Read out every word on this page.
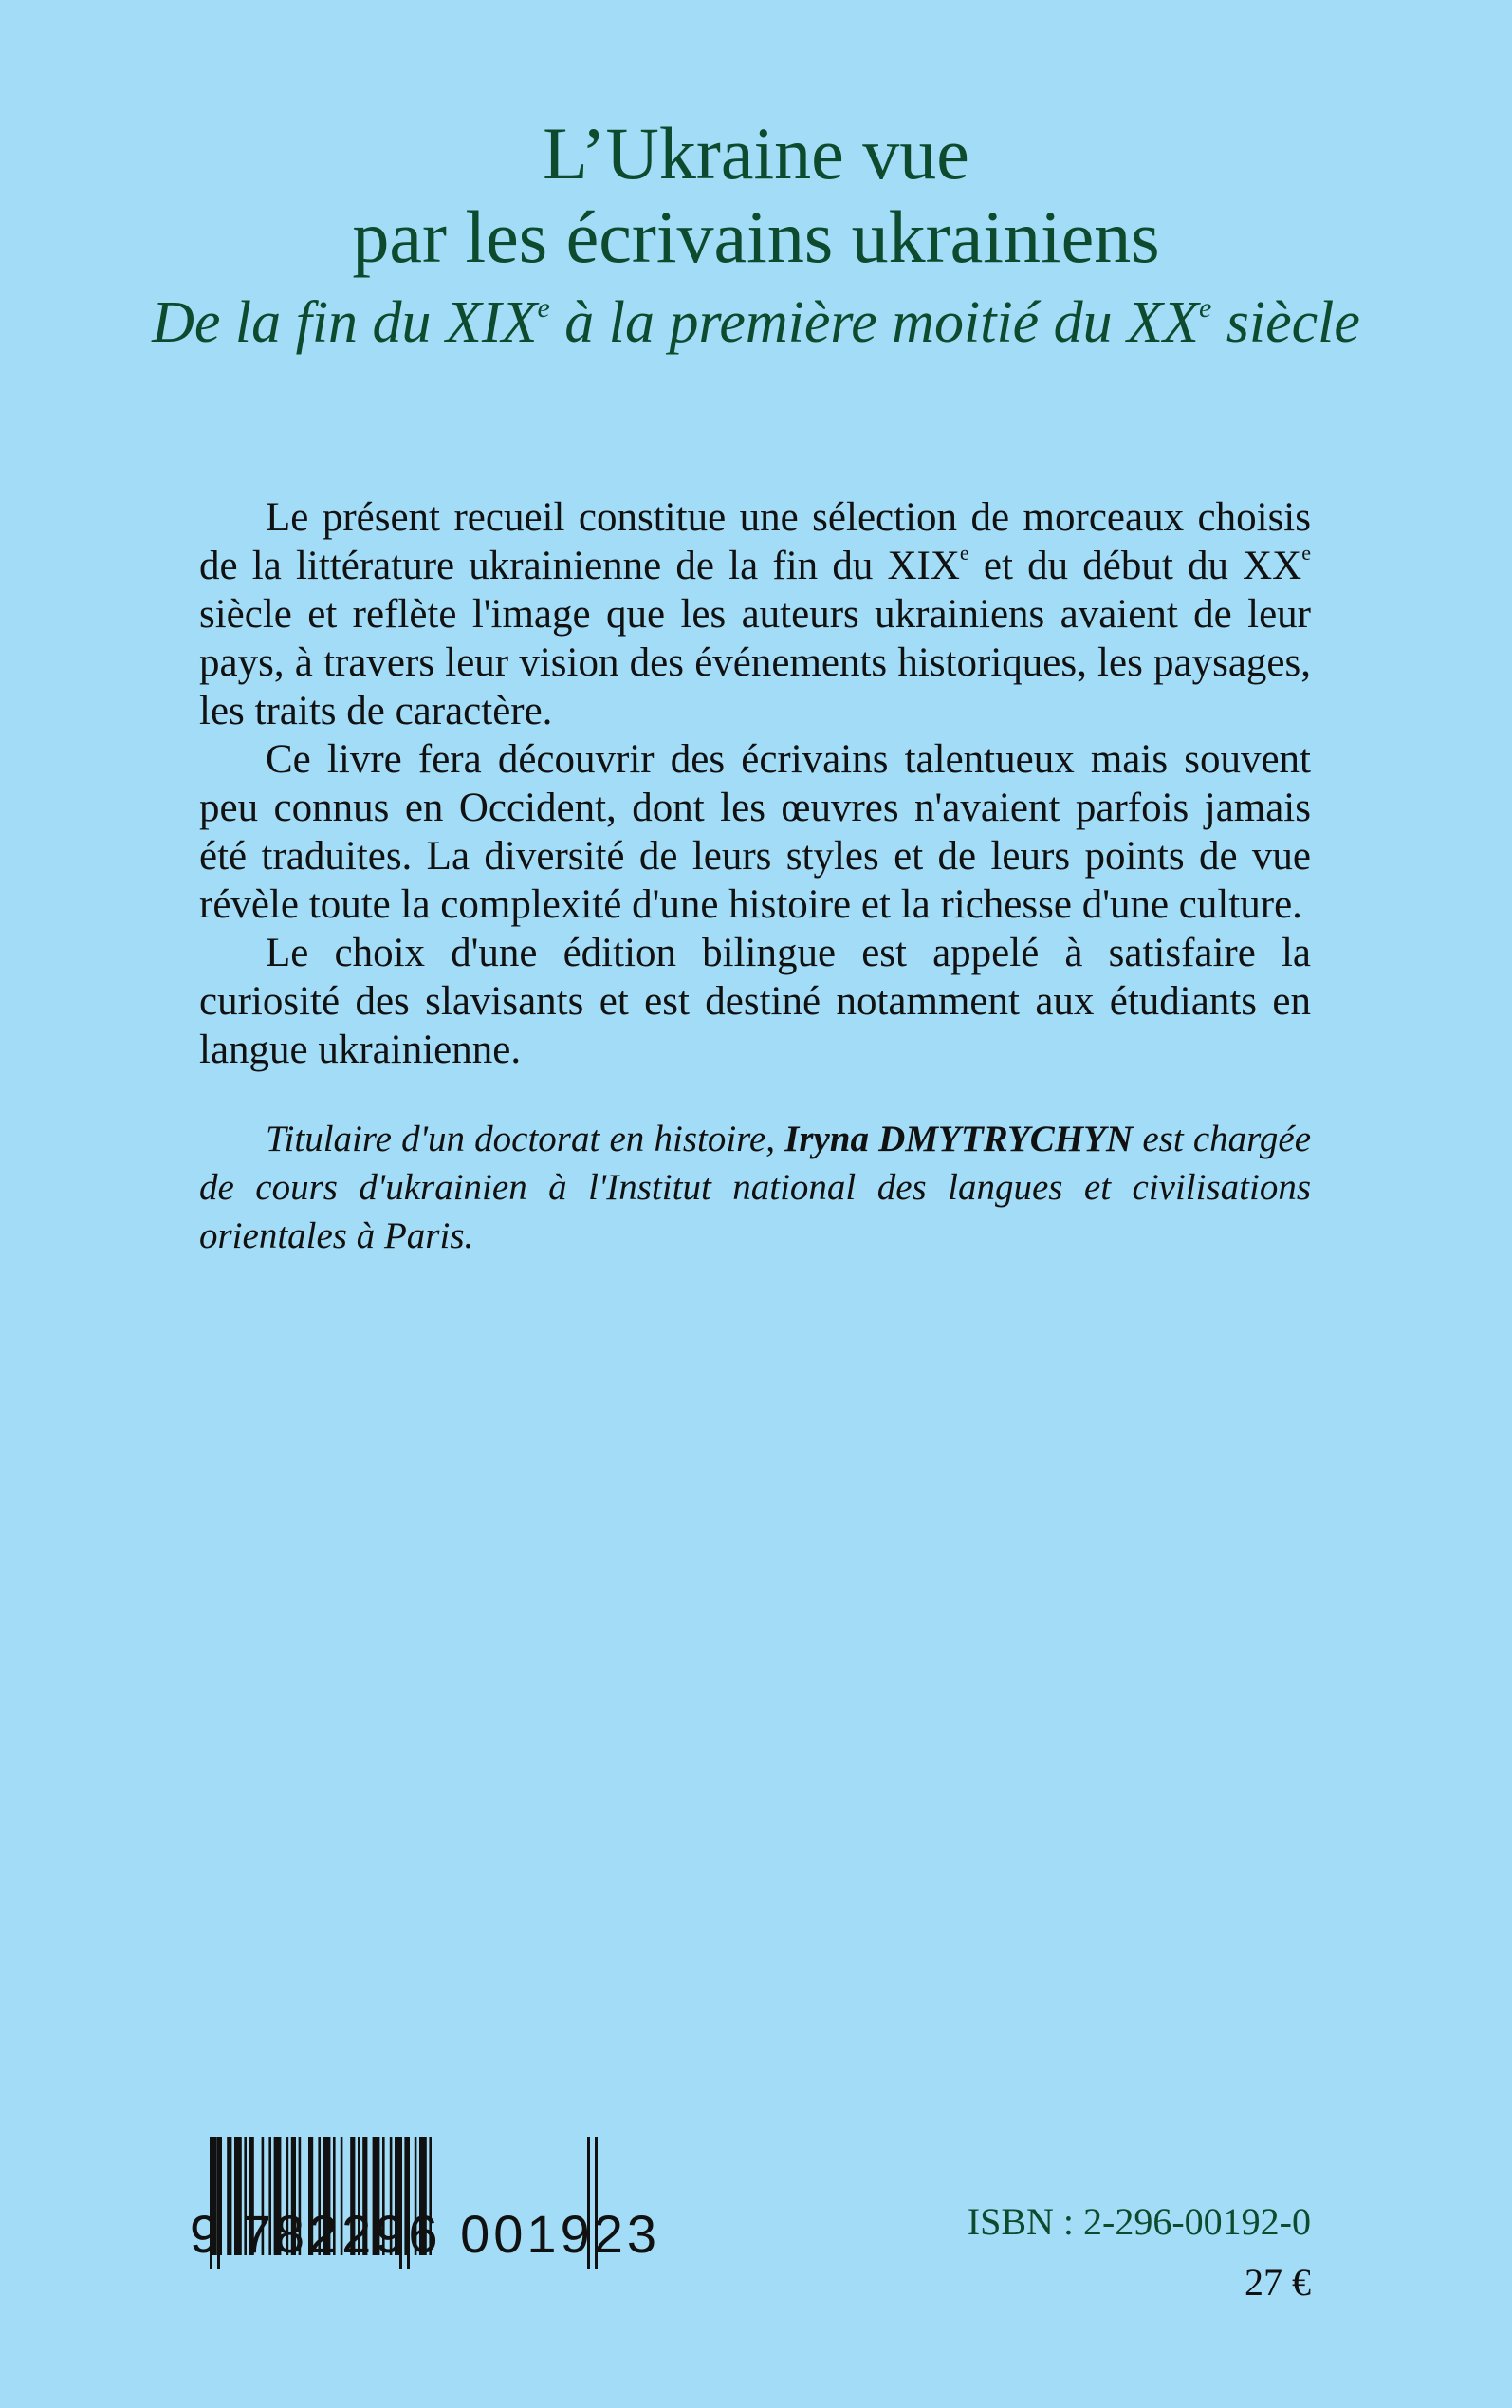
L’Ukraine vue
par les écrivains ukrainiens
De la fin du XIXe à la première moitié du XXe siècle

Le présent recueil constitue une sélection de morceaux choisis de la littérature ukrainienne de la fin du XIXe et du début du XXe siècle et reflète l'image que les auteurs ukrainiens avaient de leur pays, à travers leur vision des événements historiques, les paysages, les traits de caractère.

Ce livre fera découvrir des écrivains talentueux mais souvent peu connus en Occident, dont les œuvres n'avaient parfois jamais été traduites. La diversité de leurs styles et de leurs points de vue révèle toute la complexité d'une histoire et la richesse d'une culture.

Le choix d'une édition bilingue est appelé à satisfaire la curiosité des slavisants et est destiné notamment aux étudiants en langue ukrainienne.

Titulaire d'un doctorat en histoire, Iryna DMYTRYCHYN est chargée de cours d'ukrainien à l'Institut national des langues et civilisations orientales à Paris.

9 782296 001923	ISBN : 2-296-00192-0
27 €
